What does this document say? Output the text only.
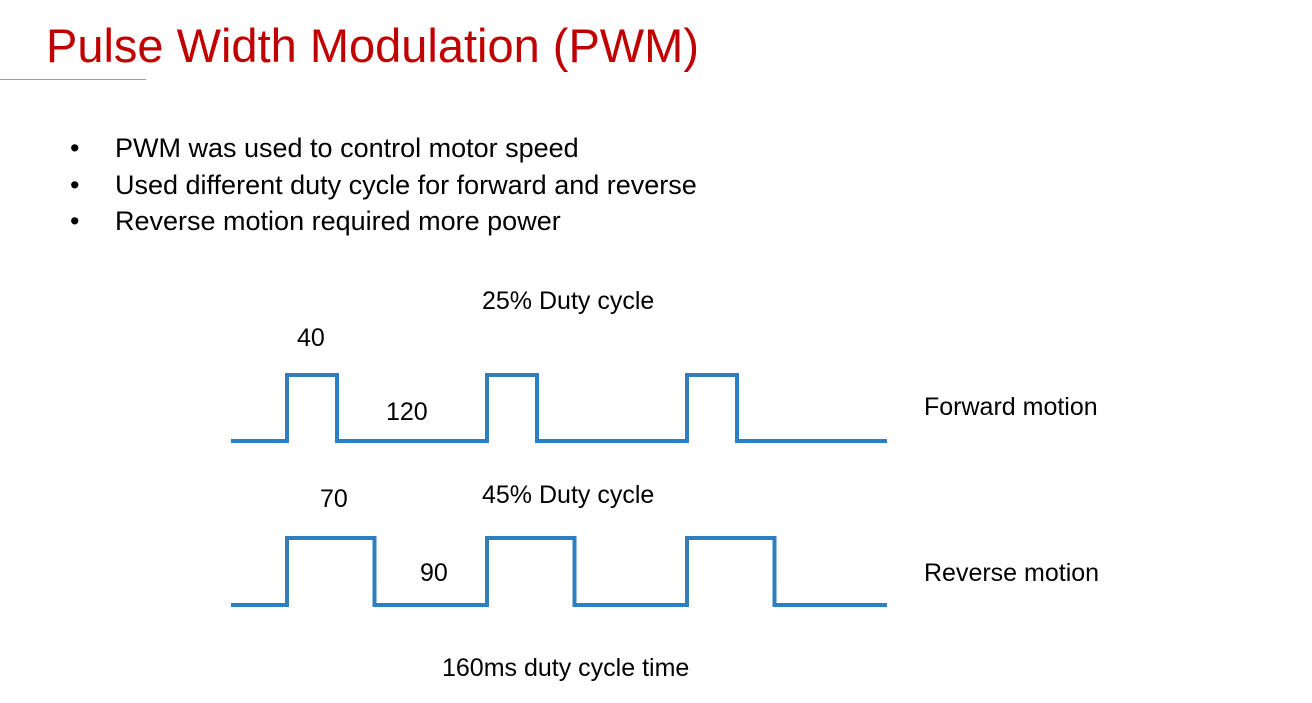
Pulse Width Modulation (PWM)
•	PWM was used to control motor speed
•	Used different duty cycle for forward and reverse
•	Reverse motion required more power
25% Duty cycle
40
120	Forward motion
70	45% Duty cycle
90	Reverse motion
160ms duty cycle time
